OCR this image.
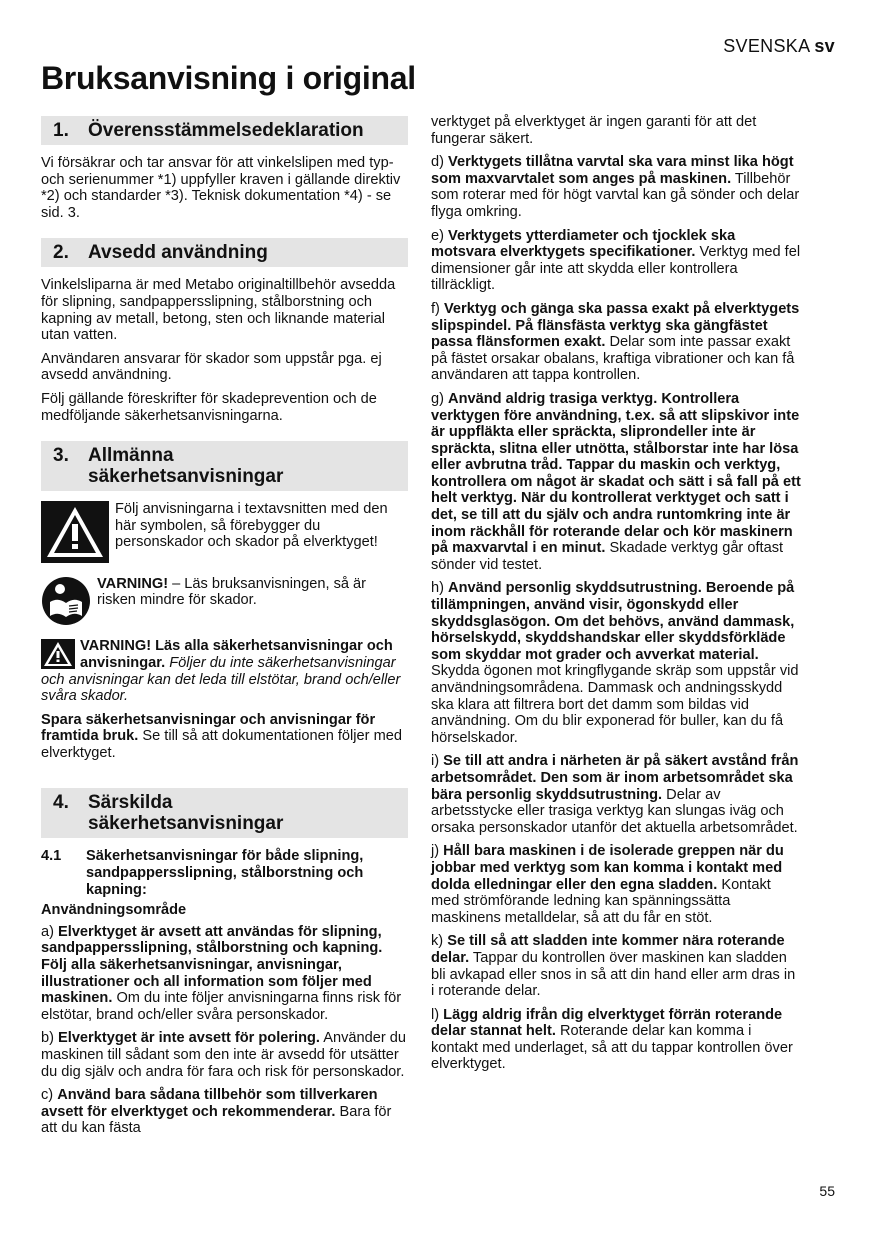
SVENSKA sv
Bruksanvisning i original
1.	Överensstämmelsedeklaration

Vi försäkrar och tar ansvar för att vinkelslipen med typ- och serienummer *1) uppfyller kraven i gällande direktiv *2) och standarder *3). Teknisk dokumentation *4) - se sid. 3.

2.	Avsedd användning

Vinkelsliparna är med Metabo originaltillbehör avsedda för slipning, sandpappersslipning, stålborstning och kapning av metall, betong, sten och liknande material utan vatten.

Användaren ansvarar för skador som uppstår pga. ej avsedd användning.

Följ gällande föreskrifter för skadeprevention och de medföljande säkerhetsanvisningarna.

3.	Allmänna
säkerhetsanvisningar
Följ anvisningarna i textavsnitten med den här symbolen, så förebygger du personskador och skador på elverktyget!
VARNING! – Läs bruksanvisningen, så är risken mindre för skador.

VARNING! Läs alla säkerhetsanvisningar och anvisningar. Följer du inte säkerhetsanvisningar och anvisningar kan det leda till elstötar, brand och/eller svåra skador.

Spara säkerhetsanvisningar och anvisningar för framtida bruk. Se till så att dokumentationen följer med elverktyget.

4.	Särskilda
säkerhetsanvisningar
4.1	Säkerhetsanvisningar för både slipning, sandpappersslipning, stålborstning och kapning:

Användningsområde

a) Elverktyget är avsett att användas för slipning, sandpappersslipning, stålborstning och kapning. Följ alla säkerhetsanvisningar, anvisningar, illustrationer och all information som följer med maskinen. Om du inte följer anvisningarna finns risk för elstötar, brand och/eller svåra personskador.

b) Elverktyget är inte avsett för polering. Använder du maskinen till sådant som den inte är avsedd för utsätter du dig själv och andra för fara och risk för personskador.

c) Använd bara sådana tillbehör som tillverkaren avsett för elverktyget och rekommenderar. Bara för att du kan fästa

verktyget på elverktyget är ingen garanti för att det fungerar säkert.

d) Verktygets tillåtna varvtal ska vara minst lika högt som maxvarvtalet som anges på maskinen. Tillbehör som roterar med för högt varvtal kan gå sönder och delar flyga omkring.

e) Verktygets ytterdiameter och tjocklek ska motsvara elverktygets specifikationer. Verktyg med fel dimensioner går inte att skydda eller kontrollera tillräckligt.

f) Verktyg och gänga ska passa exakt på elverktygets slipspindel. På flänsfästa verktyg ska gängfästet passa flänsformen exakt. Delar som inte passar exakt på fästet orsakar obalans, kraftiga vibrationer och kan få användaren att tappa kontrollen.

g) Använd aldrig trasiga verktyg. Kontrollera verktygen före användning, t.ex. så att slipskivor inte är uppfläkta eller spräckta, sliprondeller inte är spräckta, slitna eller utnötta, stålborstar inte har lösa eller avbrutna tråd. Tappar du maskin och verktyg, kontrollera om något är skadat och sätt i så fall på ett helt verktyg. När du kontrollerat verktyget och satt i det, se till att du själv och andra runtomkring inte är inom räckhåll för roterande delar och kör maskinern på maxvarvtal i en minut. Skadade verktyg går oftast sönder vid testet.

h) Använd personlig skyddsutrustning. Beroende på tillämpningen, använd visir, ögonskydd eller skyddsglasögon. Om det behövs, använd dammask, hörselskydd, skyddshandskar eller skyddsförkläde som skyddar mot grader och avverkat material. Skydda ögonen mot kringflygande skräp som uppstår vid användningsområdena. Dammask och andningsskydd ska klara att filtrera bort det damm som bildas vid användning. Om du blir exponerad för buller, kan du få hörselskador.

i) Se till att andra i närheten är på säkert avstånd från arbetsområdet. Den som är inom arbetsområdet ska bära personlig skyddsutrustning. Delar av arbetsstycke eller trasiga verktyg kan slungas iväg och orsaka personskador utanför det aktuella arbetsområdet.

j) Håll bara maskinen i de isolerade greppen när du jobbar med verktyg som kan komma i kontakt med dolda elledningar eller den egna sladden. Kontakt med strömförande ledning kan spänningssätta maskinens metalldelar, så att du får en stöt.

k) Se till så att sladden inte kommer nära roterande delar. Tappar du kontrollen över maskinen kan sladden bli avkapad eller snos in så att din hand eller arm dras in i roterande delar.

l) Lägg aldrig ifrån dig elverktyget förrän roterande delar stannat helt. Roterande delar kan komma i kontakt med underlaget, så att du tappar kontrollen över elverktyget.

55
